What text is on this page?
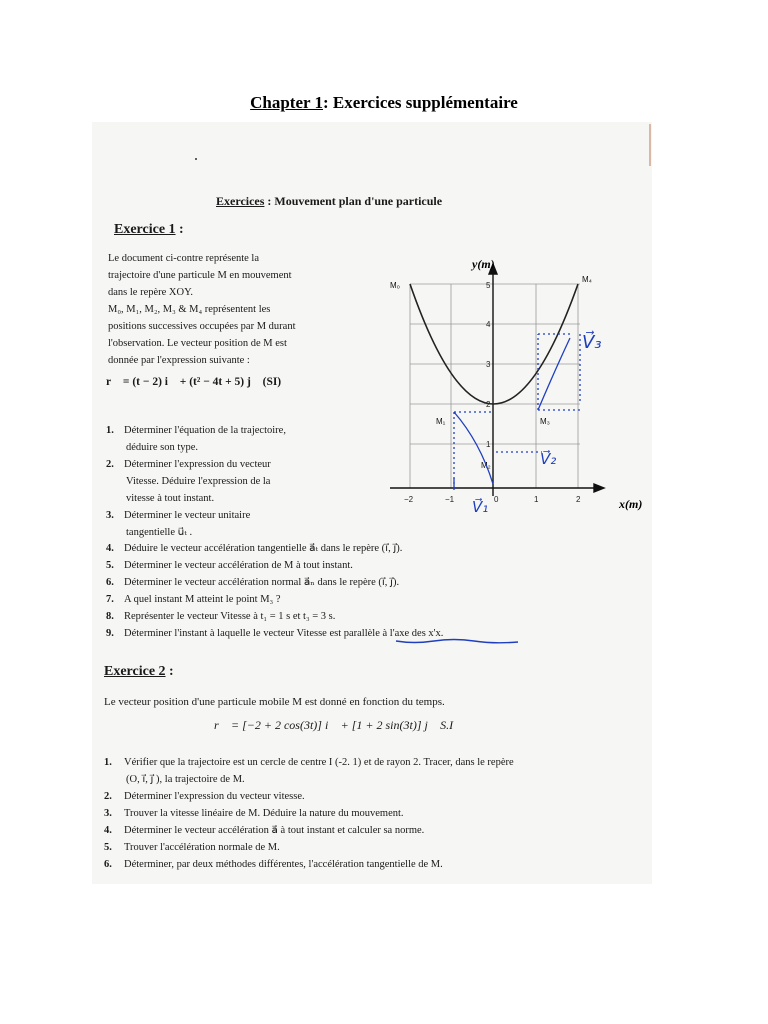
Chapter 1: Exercices supplémentaire
Exercices : Mouvement plan d'une particule
Exercice 1 :
Le document ci-contre représente la
trajectoire d'une particule M en mouvement
dans le repère XOY.
M₀, M₁, M₂, M₃ & M₄ représentent les
positions successives occupées par M durant
l'observation. Le vecteur position de M est
donnée par l'expression suivante :
r⃗ = (t − 2) i⃗ + (t² − 4t + 5) j⃗ (SI)
1. Déterminer l'équation de la trajectoire,
déduire son type.
2. Déterminer l'expression du vecteur
Vitesse. Déduire l'expression de la
vitesse à tout instant.
3. Déterminer le vecteur unitaire
tangentielle u⃗ₜ .
4. Déduire le vecteur accélération tangentielle a⃗ₜ dans le repère (i⃗, j⃗).
5. Déterminer le vecteur accélération de M à tout instant.
6. Déterminer le vecteur accélération normal a⃗ₙ dans le repère (i⃗, j⃗).
7. A quel instant M atteint le point M₃ ?
8. Représenter le vecteur Vitesse à t₁ = 1 s et t₃ = 3 s.
9. Déterminer l'instant à laquelle le vecteur Vitesse est parallèle à l'axe des x'x.
y(m)
x(m)
−2	−1	0	1	2
1
2
3
4
5
M₀
M₄
M₁	M₃
M₂
V⃗₁
V⃗₂
V⃗₃
Exercice 2 :
Le vecteur position d'une particule mobile M est donné en fonction du temps.
r⃗ = [−2 + 2 cos(3t)] i⃗ + [1 + 2 sin(3t)] j⃗ S.I
1. Vérifier que la trajectoire est un cercle de centre I (-2. 1) et de rayon 2. Tracer, dans le repère
(O, i⃗, j⃗ ), la trajectoire de M.
2. Déterminer l'expression du vecteur vitesse.
3. Trouver la vitesse linéaire de M. Déduire la nature du mouvement.
4. Déterminer le vecteur accélération a⃗ à tout instant et calculer sa norme.
5. Trouver l'accélération normale de M.
6. Déterminer, par deux méthodes différentes, l'accélération tangentielle de M.
